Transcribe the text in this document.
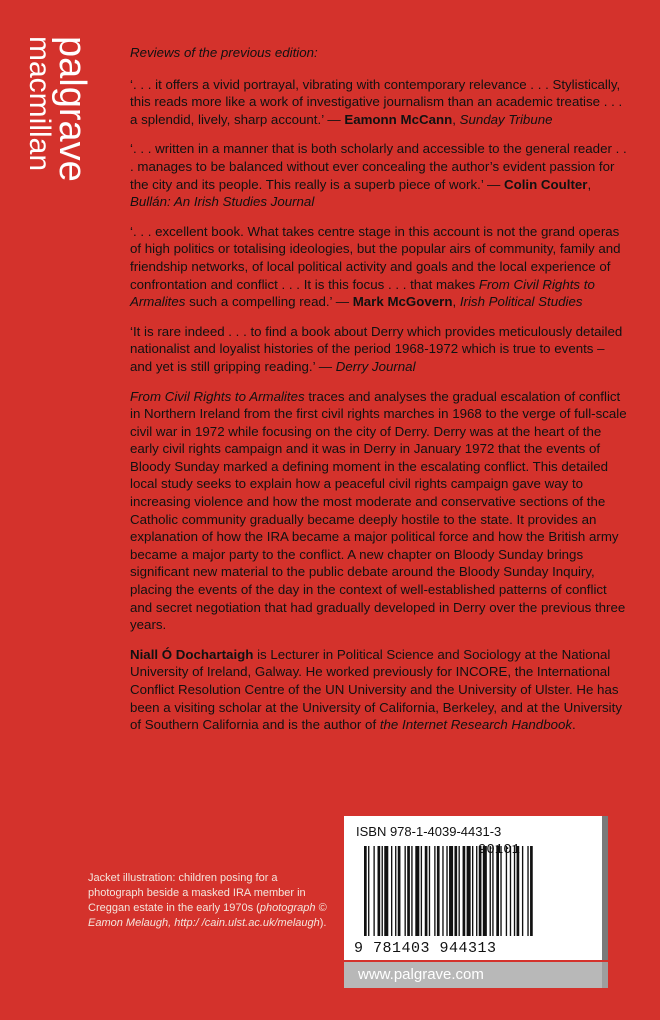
palgrave
macmillan	Reviews of the previous edition:

‘. . . it offers a vivid portrayal, vibrating with contemporary relevance . . . Stylistically, this reads more like a work of investigative journalism than an academic treatise . . . a splendid, lively, sharp account.’ — Eamonn McCann, Sunday Tribune

‘. . . written in a manner that is both scholarly and accessible to the general reader . . . manages to be balanced without ever concealing the author’s evident passion for the city and its people. This really is a superb piece of work.’ — Colin Coulter, Bullán: An Irish Studies Journal

‘. . . excellent book. What takes centre stage in this account is not the grand operas of high politics or totalising ideologies, but the popular airs of community, family and friendship networks, of local political activity and goals and the local experience of confrontation and conflict . . . It is this focus . . . that makes From Civil Rights to Armalites such a compelling read.’ — Mark McGovern, Irish Political Studies

‘It is rare indeed . . . to find a book about Derry which provides meticulously detailed nationalist and loyalist histories of the period 1968-1972 which is true to events – and yet is still gripping reading.’ — Derry Journal

From Civil Rights to Armalites traces and analyses the gradual escalation of conflict in Northern Ireland from the first civil rights marches in 1968 to the verge of full-scale civil war in 1972 while focusing on the city of Derry. Derry was at the heart of the early civil rights campaign and it was in Derry in January 1972 that the events of Bloody Sunday marked a defining moment in the escalating conflict. This detailed local study seeks to explain how a peaceful civil rights campaign gave way to increasing violence and how the most moderate and conservative sections of the Catholic community gradually became deeply hostile to the state. It provides an explanation of how the IRA became a major political force and how the British army became a major party to the conflict. A new chapter on Bloody Sunday brings significant new material to the public debate around the Bloody Sunday Inquiry, placing the events of the day in the context of well-established patterns of conflict and secret negotiation that had gradually developed in Derry over the previous three years.

Niall Ó Dochartaigh is Lecturer in Political Science and Sociology at the National University of Ireland, Galway. He worked previously for INCORE, the International Conflict Resolution Centre of the UN University and the University of Ulster. He has been a visiting scholar at the University of California, Berkeley, and at the University of Southern California and is the author of the Internet Research Handbook.

Jacket illustration: children posing for a photograph beside a masked IRA member in Creggan estate in the early 1970s (photograph © Eamon Melaugh, http:/ /cain.ulst.ac.uk/melaugh).
ISBN 978-1-4039-4431-3
9 781403 944313
90101
www.palgrave.com
